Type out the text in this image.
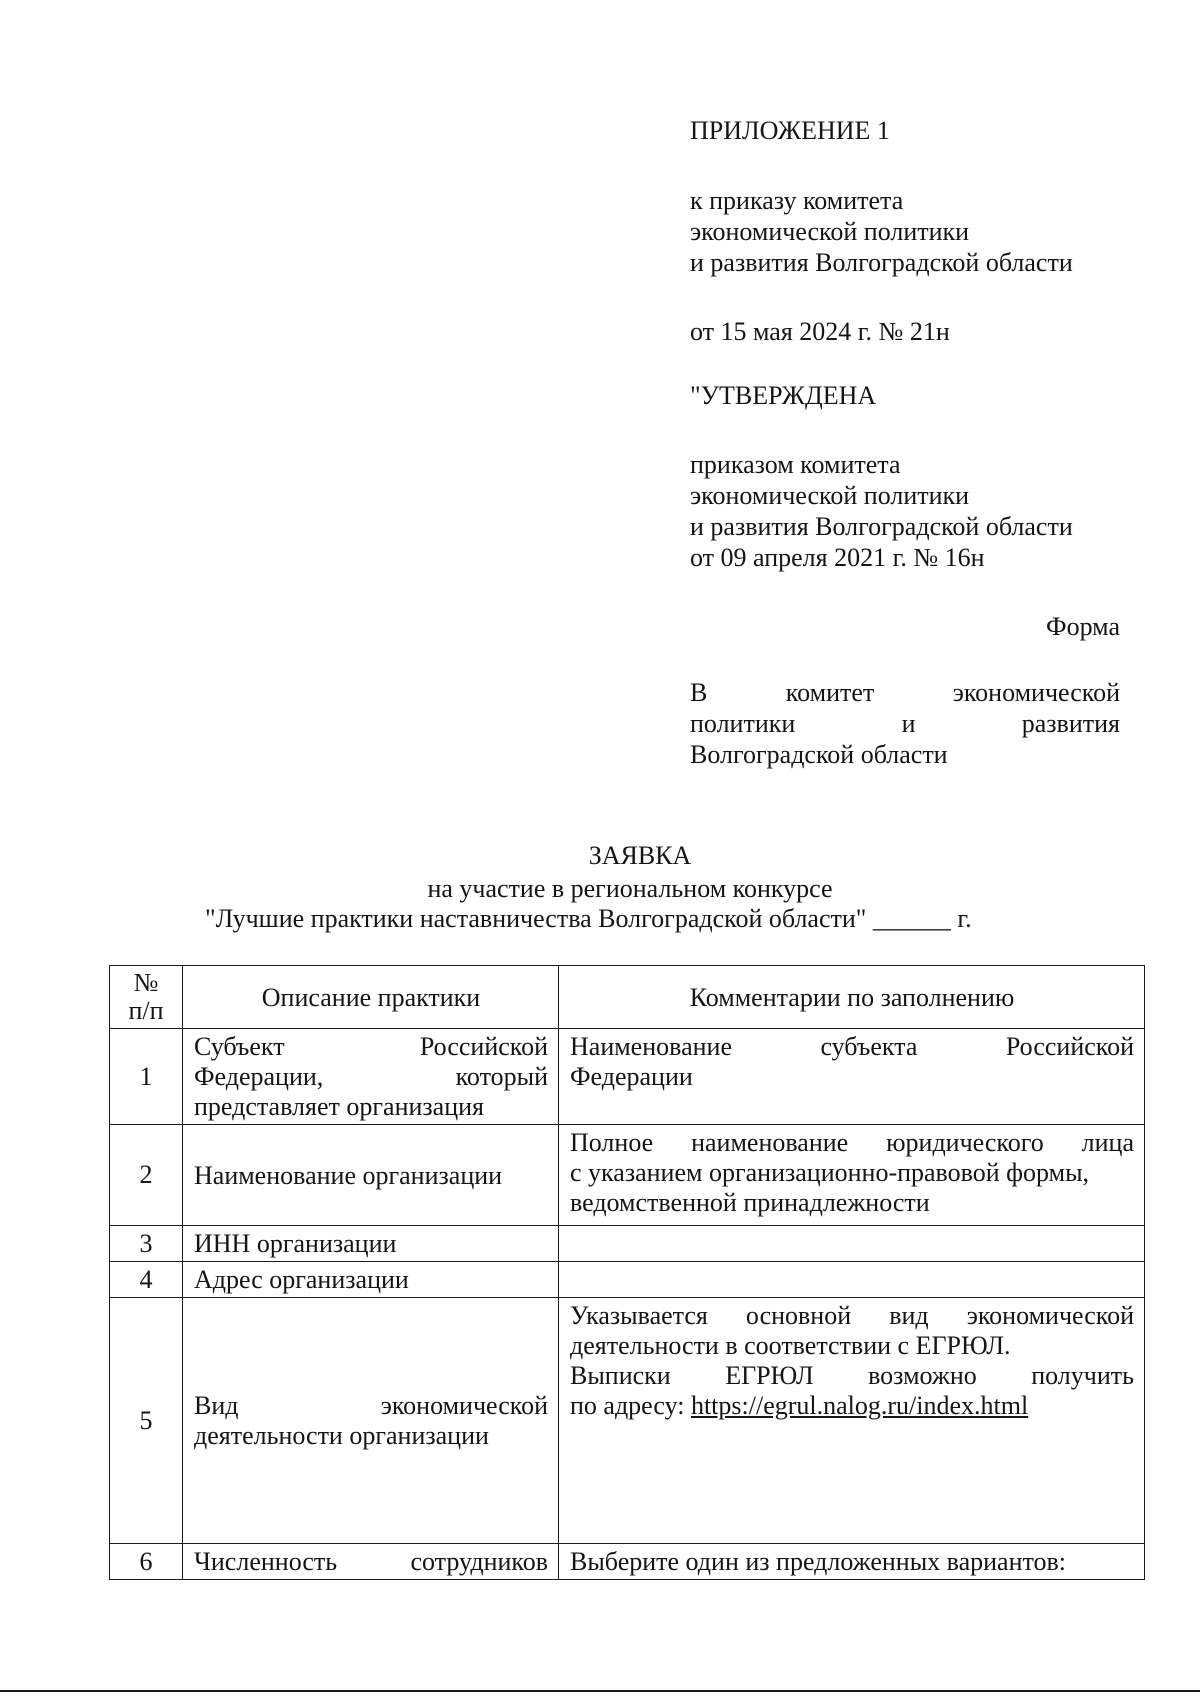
ПРИЛОЖЕНИЕ 1
к приказу комитета
экономической политики
и развития Волгоградской области
от 15 мая 2024 г. № 21н
"УТВЕРЖДЕНА
приказом комитета
экономической политики
и развития Волгоградской области
от 09 апреля 2021 г. № 16н
Форма
В	комитет	экономической
политики	и	развития
Волгоградской области
ЗАЯВКА
на участие в региональном конкурсе
"Лучшие практики наставничества Волгоградской области" ______ г.
№
п/п	Описание практики	Комментарии по заполнению
1	Субъект Российской
Федерации, который
представляет организация	Наименование субъекта Российской
Федерации

2	Наименование организации	Полное наименование юридического лица
с указанием организационно-правовой формы,
ведомственной принадлежности

3	ИНН организации	

4	Адрес организации	

5	Вид экономической
деятельности организации	Указывается основной вид экономической
деятельности в соответствии с ЕГРЮЛ.
Выписки ЕГРЮЛ возможно получить
по адресу: https://egrul.nalog.ru/index.html

6	Численность сотрудников	Выберите один из предложенных вариантов:
